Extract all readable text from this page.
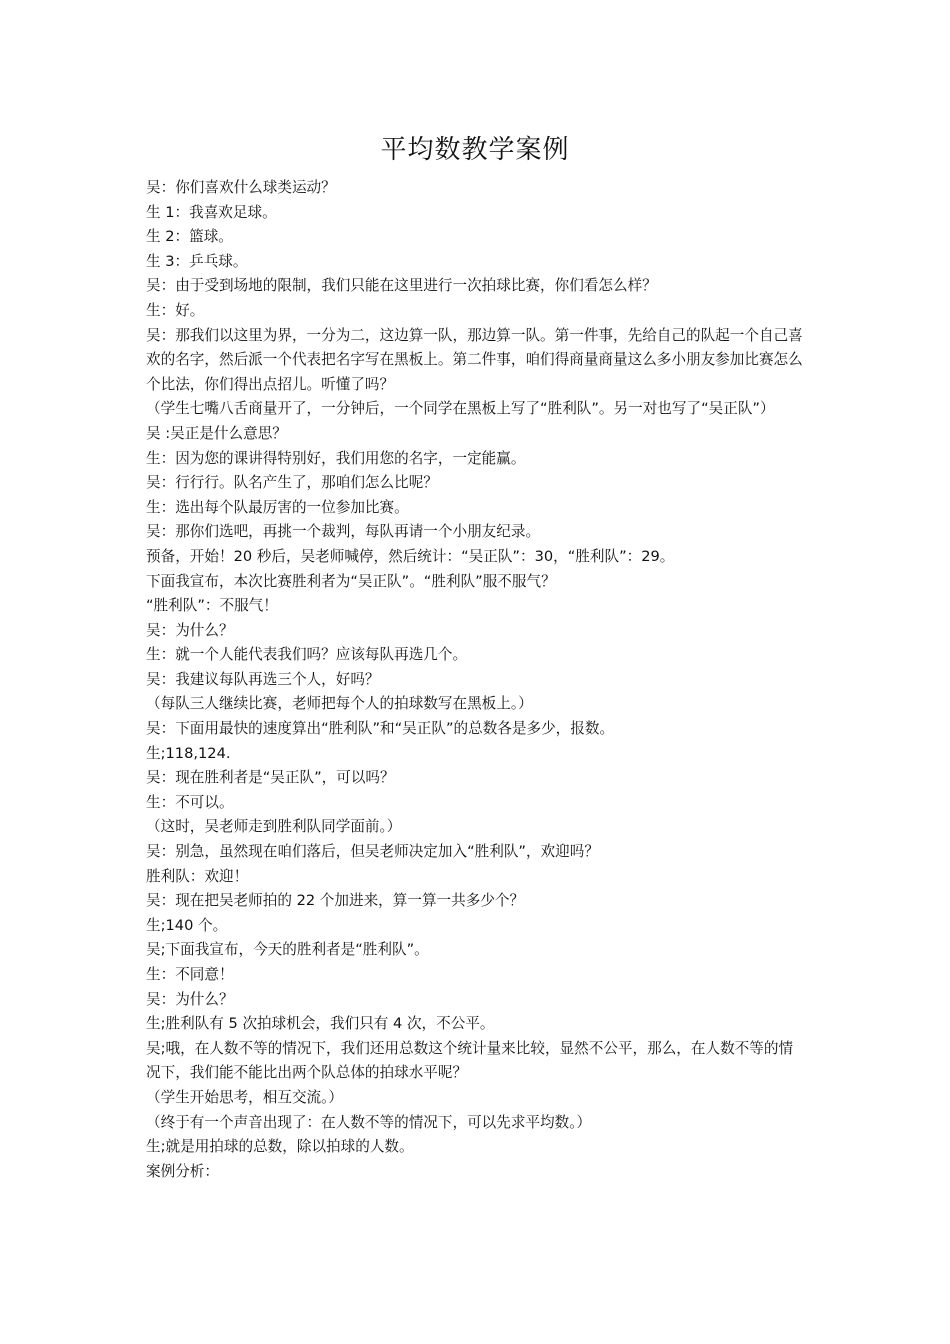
平均数教学案例

吴：你们喜欢什么球类运动？

生 1：我喜欢足球。

生 2：篮球。

生 3：乒乓球。

吴：由于受到场地的限制，我们只能在这里进行一次拍球比赛，你们看怎么样？

生：好。

吴：那我们以这里为界，一分为二，这边算一队，那边算一队。第一件事，先给自己的队起一个自己喜欢的名字，然后派一个代表把名字写在黑板上。第二件事，咱们得商量商量这么多小朋友参加比赛怎么个比法，你们得出点招儿。听懂了吗？

（学生七嘴八舌商量开了，一分钟后，一个同学在黑板上写了“胜利队”。另一对也写了“吴正队”）

吴 :吴正是什么意思？

生：因为您的课讲得特别好，我们用您的名字，一定能赢。

吴：行行行。队名产生了，那咱们怎么比呢？

生：选出每个队最厉害的一位参加比赛。

吴：那你们选吧，再挑一个裁判，每队再请一个小朋友纪录。

预备，开始！20 秒后，吴老师喊停，然后统计：“吴正队”：30，“胜利队”：29。

下面我宣布，本次比赛胜利者为“吴正队”。“胜利队”服不服气？

“胜利队”：不服气！

吴：为什么？

生：就一个人能代表我们吗？应该每队再选几个。

吴：我建议每队再选三个人，好吗？

（每队三人继续比赛，老师把每个人的拍球数写在黑板上。）

吴：下面用最快的速度算出“胜利队”和“吴正队”的总数各是多少，报数。

生;118,124.

吴：现在胜利者是“吴正队”，可以吗？

生：不可以。

（这时，吴老师走到胜利队同学面前。）

吴：别急，虽然现在咱们落后，但吴老师决定加入“胜利队”，欢迎吗？

胜利队：欢迎！

吴：现在把吴老师拍的 22 个加进来，算一算一共多少个？

生;140 个。

吴;下面我宣布，今天的胜利者是“胜利队”。

生：不同意！

吴：为什么？

生;胜利队有 5 次拍球机会，我们只有 4 次，不公平。

吴;哦，在人数不等的情况下，我们还用总数这个统计量来比较，显然不公平，那么，在人数不等的情况下，我们能不能比出两个队总体的拍球水平呢？

（学生开始思考，相互交流。）

（终于有一个声音出现了：在人数不等的情况下，可以先求平均数。）

生;就是用拍球的总数，除以拍球的人数。

案例分析：
